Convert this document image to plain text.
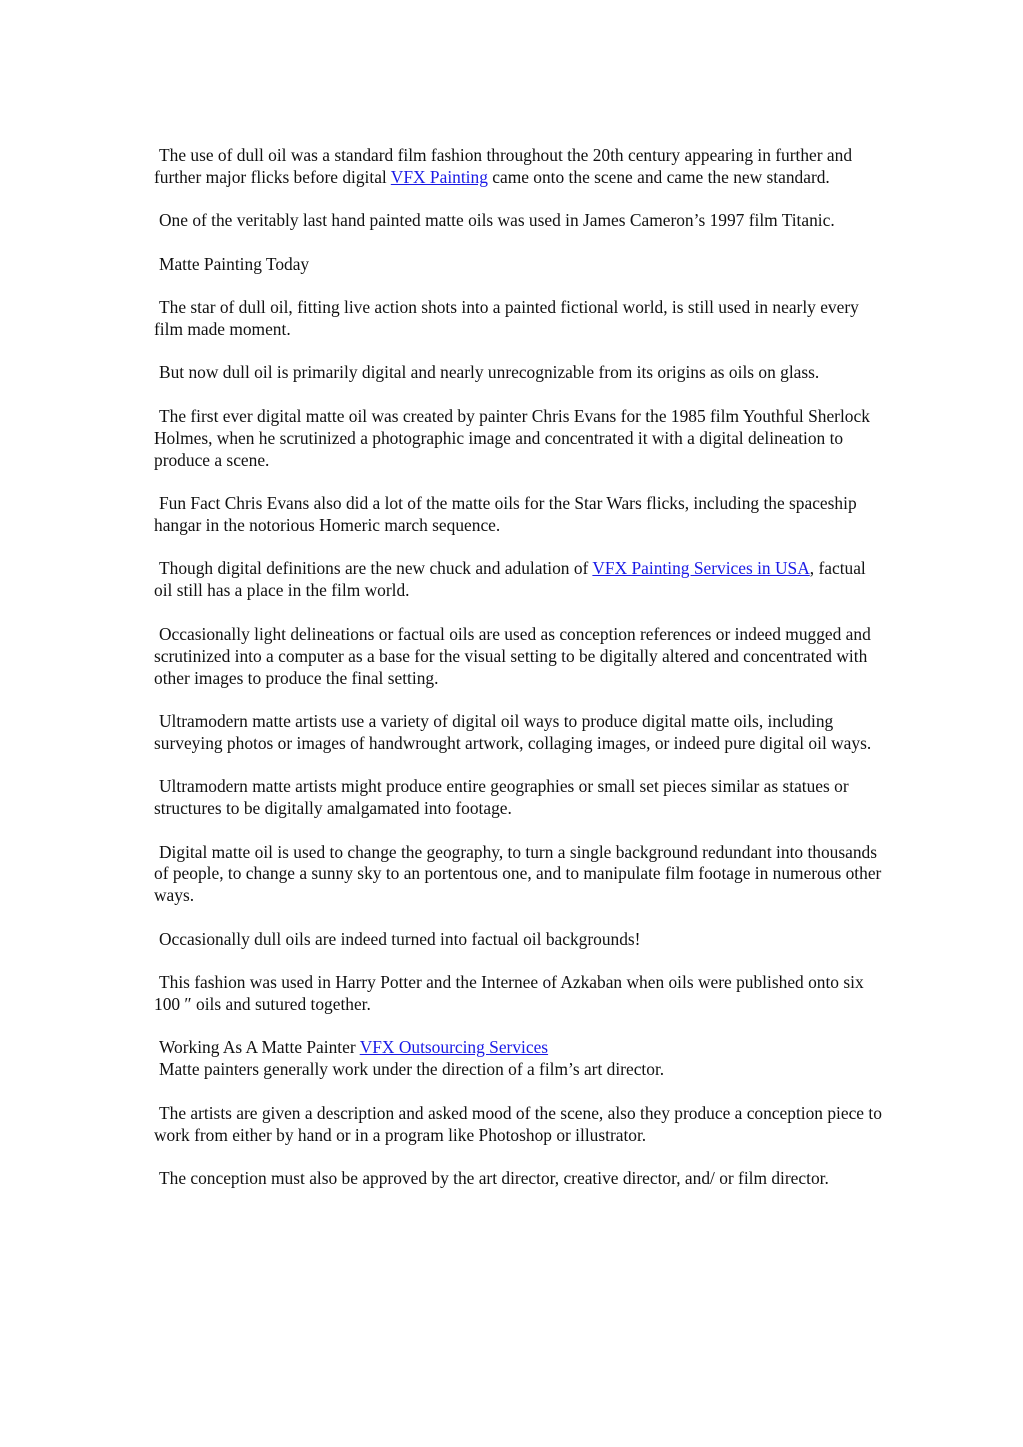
The use of dull oil was a standard film fashion throughout the 20th century appearing in further and further major flicks before digital VFX Painting came onto the scene and came the new standard.

One of the veritably last hand painted matte oils was used in James Cameron’s 1997 film Titanic.

Matte Painting Today

The star of dull oil, fitting live action shots into a painted fictional world, is still used in nearly every film made moment.

But now dull oil is primarily digital and nearly unrecognizable from its origins as oils on glass.

The first ever digital matte oil was created by painter Chris Evans for the 1985 film Youthful Sherlock Holmes, when he scrutinized a photographic image and concentrated it with a digital delineation to produce a scene.

Fun Fact Chris Evans also did a lot of the matte oils for the Star Wars flicks, including the spaceship hangar in the notorious Homeric march sequence.

Though digital definitions are the new chuck and adulation of VFX Painting Services in USA, factual oil still has a place in the film world.

Occasionally light delineations or factual oils are used as conception references or indeed mugged and scrutinized into a computer as a base for the visual setting to be digitally altered and concentrated with other images to produce the final setting.

Ultramodern matte artists use a variety of digital oil ways to produce digital matte oils, including surveying photos or images of handwrought artwork, collaging images, or indeed pure digital oil ways.

Ultramodern matte artists might produce entire geographies or small set pieces similar as statues or structures to be digitally amalgamated into footage.

Digital matte oil is used to change the geography, to turn a single background redundant into thousands of people, to change a sunny sky to an portentous one, and to manipulate film footage in numerous other ways.

Occasionally dull oils are indeed turned into factual oil backgrounds!

This fashion was used in Harry Potter and the Internee of Azkaban when oils were published onto six 100 ″ oils and sutured together.

Working As A Matte Painter VFX Outsourcing Services

Matte painters generally work under the direction of a film’s art director.

The artists are given a description and asked mood of the scene, also they produce a conception piece to work from either by hand or in a program like Photoshop or illustrator.

The conception must also be approved by the art director, creative director, and/ or film director.
